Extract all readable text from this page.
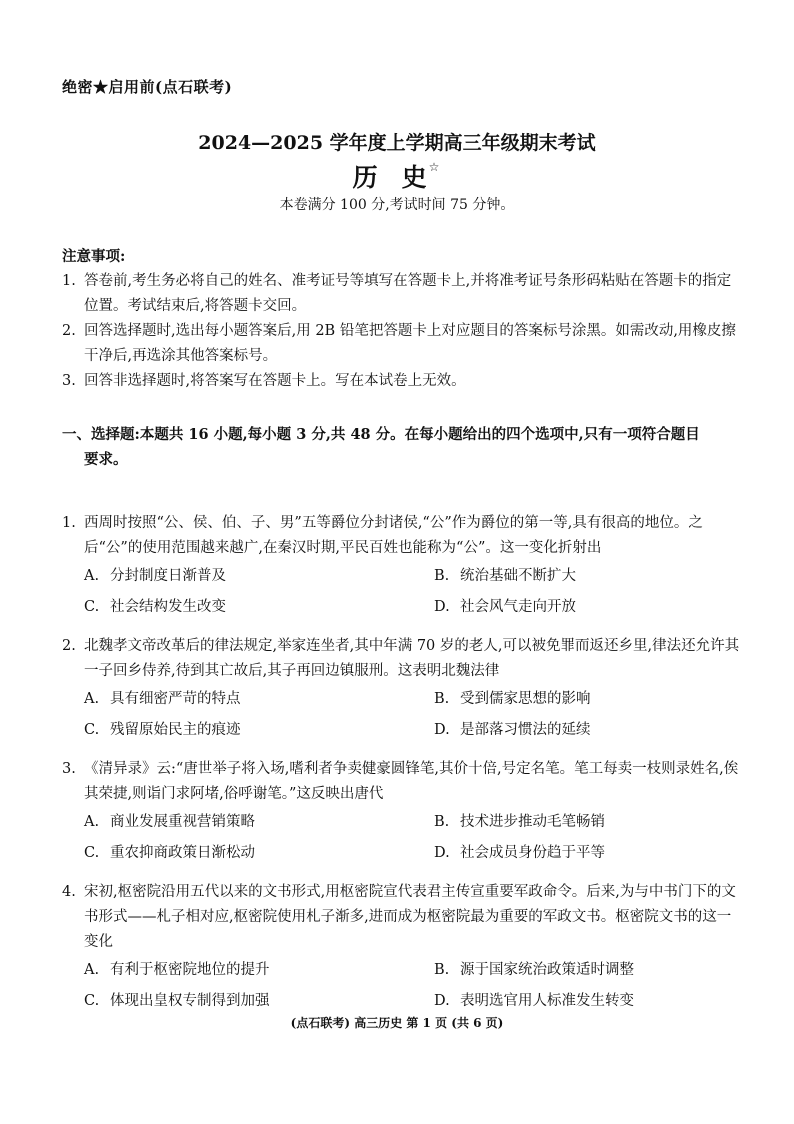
绝密★启用前(点石联考)
2024—2025 学年度上学期高三年级期末考试
历 史☆
本卷满分 100 分,考试时间 75 分钟。
注意事项:
1. 答卷前,考生务必将自己的姓名、准考证号等填写在答题卡上,并将准考证号条形码粘贴在答题卡的指定位置。考试结束后,将答题卡交回。
2. 回答选择题时,选出每小题答案后,用 2B 铅笔把答题卡上对应题目的答案标号涂黑。如需改动,用橡皮擦干净后,再选涂其他答案标号。
3. 回答非选择题时,将答案写在答题卡上。写在本试卷上无效。
一、选择题:本题共 16 小题,每小题 3 分,共 48 分。在每小题给出的四个选项中,只有一项符合题目
要求。
1. 西周时按照“公、侯、伯、子、男”五等爵位分封诸侯,“公”作为爵位的第一等,具有很高的地位。之后“公”的使用范围越来越广,在秦汉时期,平民百姓也能称为“公”。这一变化折射出
A. 分封制度日渐普及	B. 统治基础不断扩大
C. 社会结构发生改变	D. 社会风气走向开放
2. 北魏孝文帝改革后的律法规定,举家连坐者,其中年满 70 岁的老人,可以被免罪而返还乡里,律法还允许其一子回乡侍养,待到其亡故后,其子再回边镇服刑。这表明北魏法律
A. 具有细密严苛的特点	B. 受到儒家思想的影响
C. 残留原始民主的痕迹	D. 是部落习惯法的延续
3. 《清异录》云:“唐世举子将入场,嗜利者争卖健豪圆锋笔,其价十倍,号定名笔。笔工每卖一枝则录姓名,俟其荣捷,则诣门求阿堵,俗呼谢笔。”这反映出唐代
A. 商业发展重视营销策略	B. 技术进步推动毛笔畅销
C. 重农抑商政策日渐松动	D. 社会成员身份趋于平等
4. 宋初,枢密院沿用五代以来的文书形式,用枢密院宣代表君主传宣重要军政命令。后来,为与中书门下的文书形式——札子相对应,枢密院使用札子渐多,进而成为枢密院最为重要的军政文书。枢密院文书的这一变化
A. 有利于枢密院地位的提升	B. 源于国家统治政策适时调整
C. 体现出皇权专制得到加强	D. 表明选官用人标准发生转变
(点石联考) 高三历史 第 1 页 (共 6 页)
